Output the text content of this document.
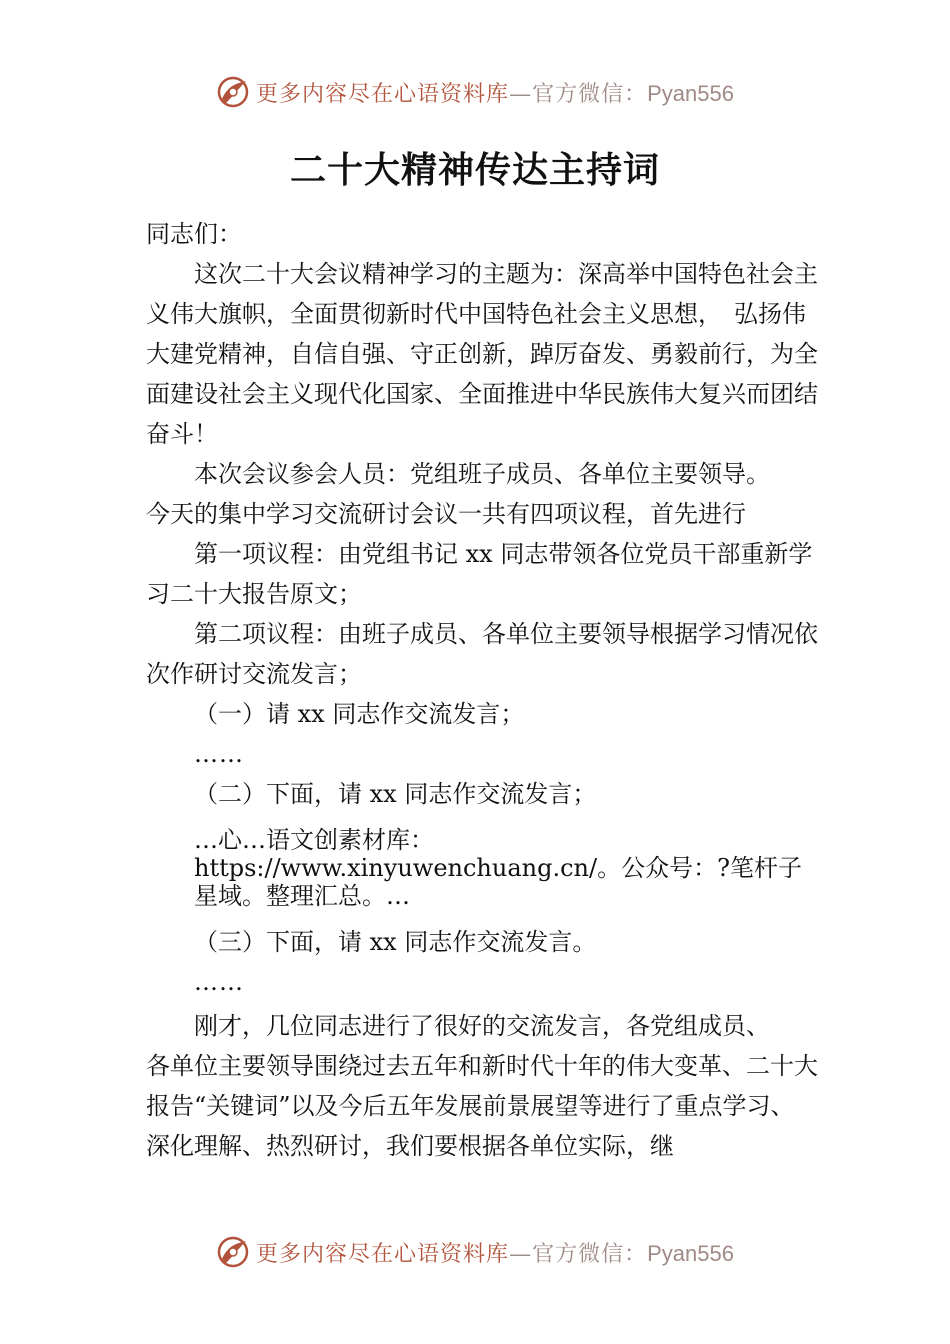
更多内容尽在心语资料库—官方微信：Pyan556
二十大精神传达主持词

同志们：

这次二十大会议精神学习的主题为：深高举中国特色社会主义伟大旗帜，全面贯彻新时代中国特色社会主义思想，　弘扬伟大建党精神，自信自强、守正创新，踔厉奋发、勇毅前行，为全面建设社会主义现代化国家、全面推进中华民族伟大复兴而团结奋斗！

本次会议参会人员：党组班子成员、各单位主要领导。

今天的集中学习交流研讨会议一共有四项议程，首先进行

第一项议程：由党组书记 xx 同志带领各位党员干部重新学习二十大报告原文；

第二项议程：由班子成员、各单位主要领导根据学习情况依次作研讨交流发言；

（一）请 xx 同志作交流发言；

……

（二）下面，请 xx 同志作交流发言；

…心…语文创素材库：https://www.xinyuwenchuang.cn/。公众号：?笔杆子星域。整理汇总。…

（三）下面，请 xx 同志作交流发言。

……

刚才，几位同志进行了很好的交流发言，各党组成员、

各单位主要领导围绕过去五年和新时代十年的伟大变革、二十大报告“关键词”以及今后五年发展前景展望等进行了重点学习、深化理解、热烈研讨，我们要根据各单位实际，继

更多内容尽在心语资料库—官方微信：Pyan556
